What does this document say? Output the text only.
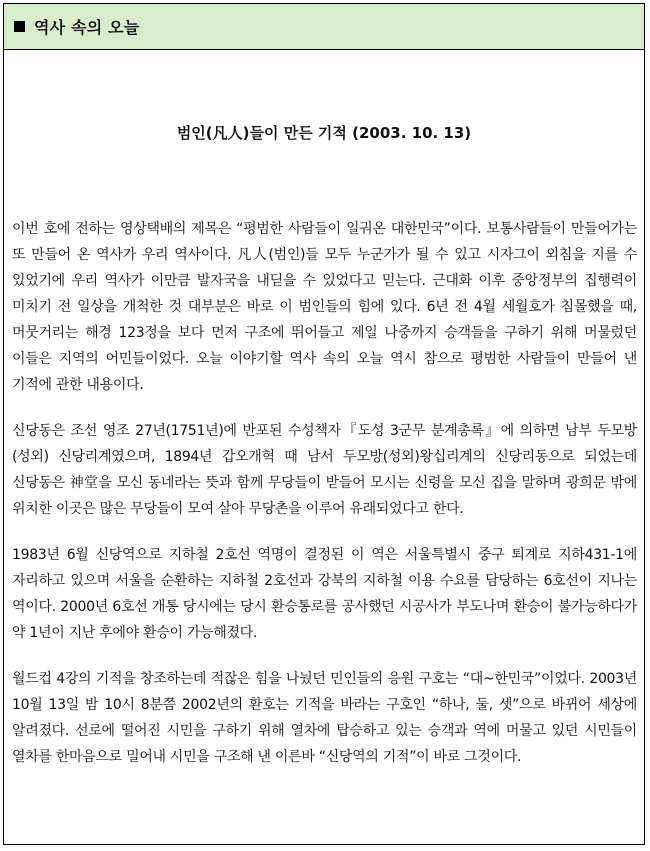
역사 속의 오늘
범인(凡人)들이 만든 기적 (2003. 10. 13)

이번 호에 전하는 영상택배의 제목은 “평범한 사람들이 일궈온 대한민국”이다. 보통사람들이 만들어가는 또 만들어 온 역사가 우리 역사이다. 凡人(범인)들 모두 누군가가 될 수 있고 시자그이 외침을 지를 수 있었기에 우리 역사가 이만큼 발자국을 내딛을 수 있었다고 믿는다. 근대화 이후 중앙정부의 집행력이 미치기 전 일상을 개척한 것 대부분은 바로 이 범인들의 힘에 있다. 6년 전 4월 세월호가 침몰했을 때, 머뭇거리는 해경 123정을 보다 먼저 구조에 뛰어들고 제일 나중까지 승객들을 구하기 위해 머물렀던 이들은 지역의 어민들이었다. 오늘 이야기할 역사 속의 오늘 역시 참으로 평범한 사람들이 만들어 낸 기적에 관한 내용이다.

신당동은 조선 영조 27년(1751년)에 반포된 수성책자『도성 3군무 분계총록』에 의하면 남부 두모방(성외) 신당리계였으며, 1894년 갑오개혁 때 남서 두모방(성외)왕십리계의 신당리동으로 되었는데 신당동은 神堂을 모신 동네라는 뜻과 함께 무당들이 받들어 모시는 신령을 모신 집을 말하며 광희문 밖에 위치한 이곳은 많은 무당들이 모여 살아 무당촌을 이루어 유래되었다고 한다.

1983년 6월 신당역으로 지하철 2호선 역명이 결정된 이 역은 서울특별시 중구 퇴계로 지하431-1에 자리하고 있으며 서울을 순환하는 지하철 2호선과 강북의 지하철 이용 수요를 담당하는 6호선이 지나는 역이다. 2000년 6호선 개통 당시에는 당시 환승통로를 공사했던 시공사가 부도나며 환승이 불가능하다가 약 1년이 지난 후에야 환승이 가능해졌다.

월드컵 4강의 기적을 창조하는데 적잖은 힘을 나눴던 민인들의 응원 구호는 “대~한민국”이었다. 2003년 10월 13일 밤 10시 8분쯤 2002년의 환호는 기적을 바라는 구호인 “하나, 둘, 셋”으로 바뀌어 세상에 알려졌다. 선로에 떨어진 시민을 구하기 위해 열차에 탑승하고 있는 승객과 역에 머물고 있던 시민들이 열차를 한마음으로 밀어내 시민을 구조해 낸 이른바 “신당역의 기적”이 바로 그것이다.
